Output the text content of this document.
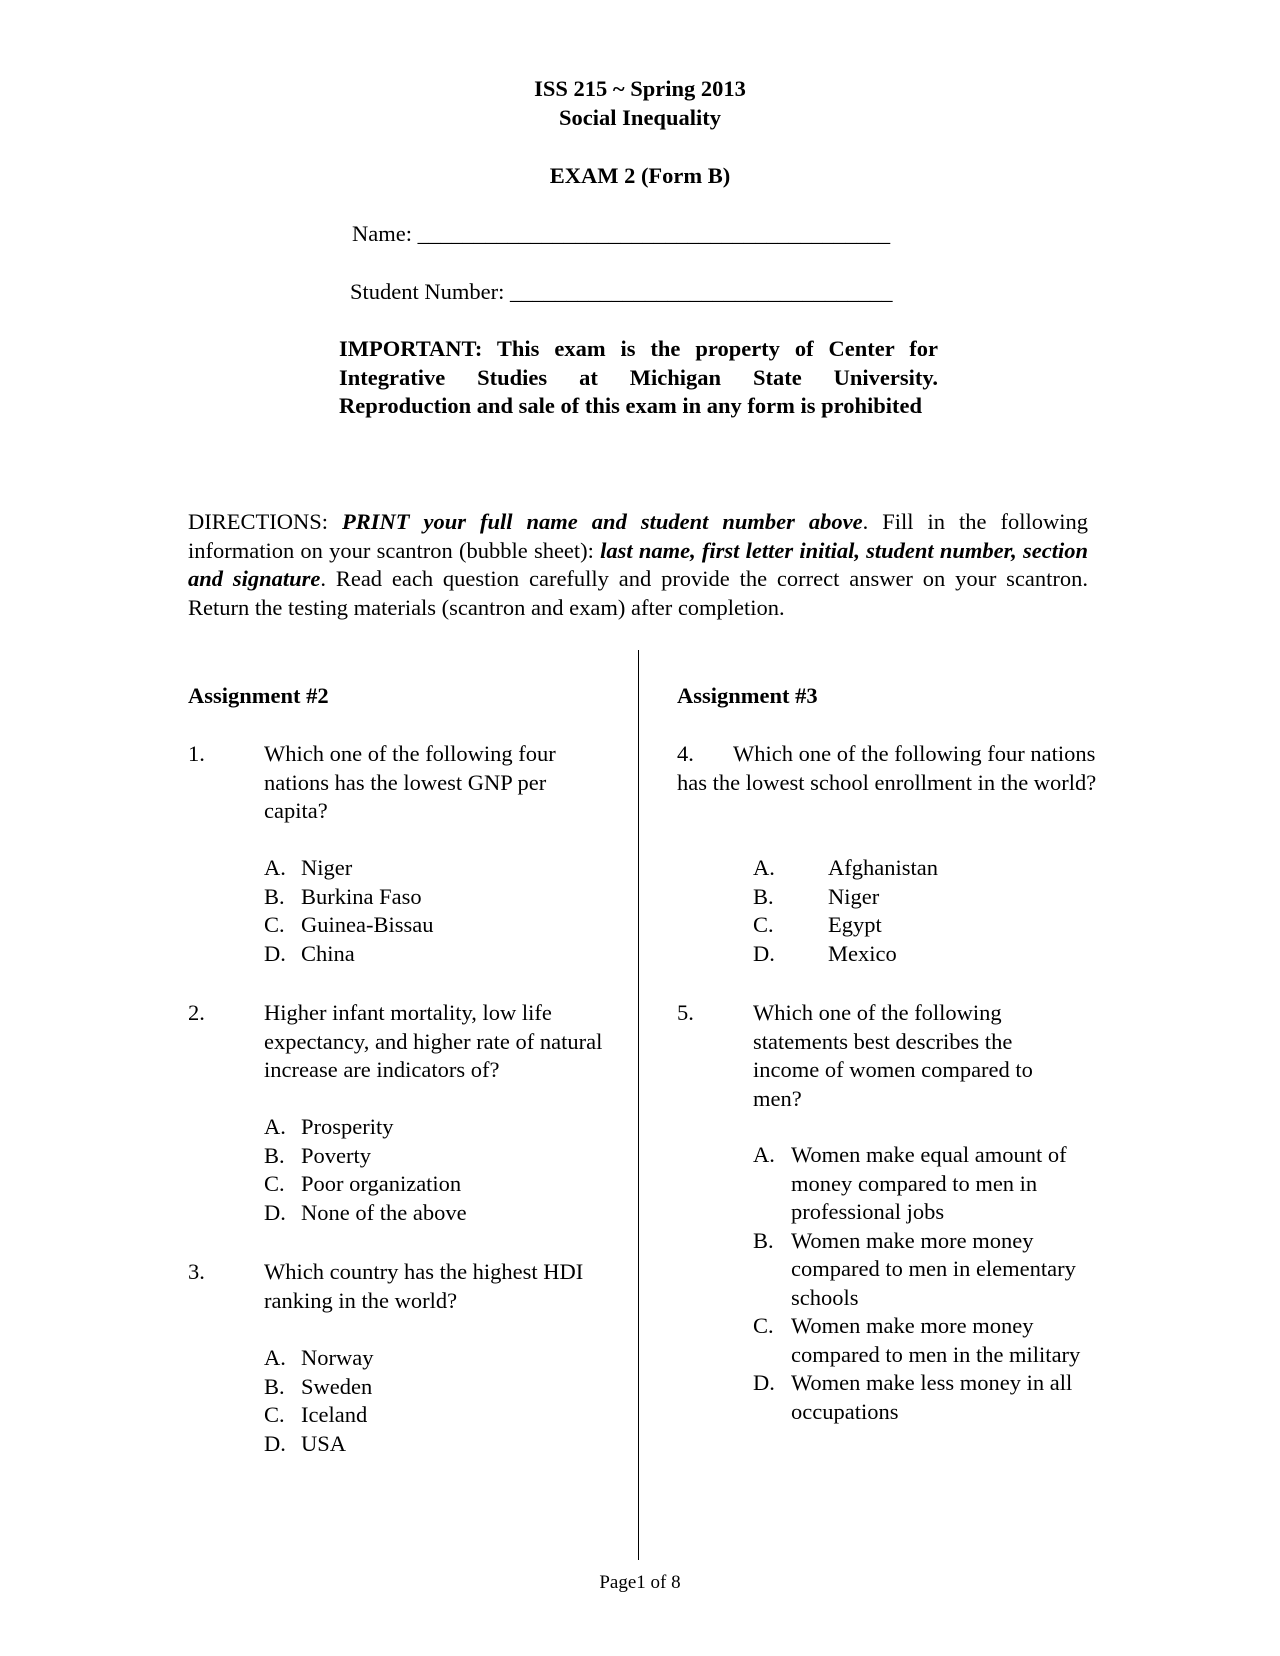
ISS 215 ~ Spring 2013
Social Inequality
EXAM 2 (Form B)
Name: __________________________________________
Student Number: __________________________________
IMPORTANT: This exam is the property of Center for Integrative Studies at Michigan State University. Reproduction and sale of this exam in any form is prohibited
DIRECTIONS: PRINT your full name and student number above. Fill in the following information on your scantron (bubble sheet): last name, first letter initial, student number, section and signature. Read each question carefully and provide the correct answer on your scantron. Return the testing materials (scantron and exam) after completion.
Assignment #2
1.	Which one of the following four nations has the lowest GNP per capita?
A. Niger
B. Burkina Faso
C. Guinea-Bissau
D. China
2.	Higher infant mortality, low life expectancy, and higher rate of natural increase are indicators of?
A. Prosperity
B. Poverty
C. Poor organization
D. None of the above
3.	Which country has the highest HDI ranking in the world?
A. Norway
B. Sweden
C. Iceland
D. USA
Assignment #3
4. Which one of the following four nations has the lowest school enrollment in the world?
A.	Afghanistan
B.	Niger
C.	Egypt
D.	Mexico
5.	Which one of the following statements best describes the income of women compared to men?
A. Women make equal amount of money compared to men in professional jobs
B. Women make more money compared to men in elementary schools
C. Women make more money compared to men in the military
D. Women make less money in all occupations
Page1 of 8
